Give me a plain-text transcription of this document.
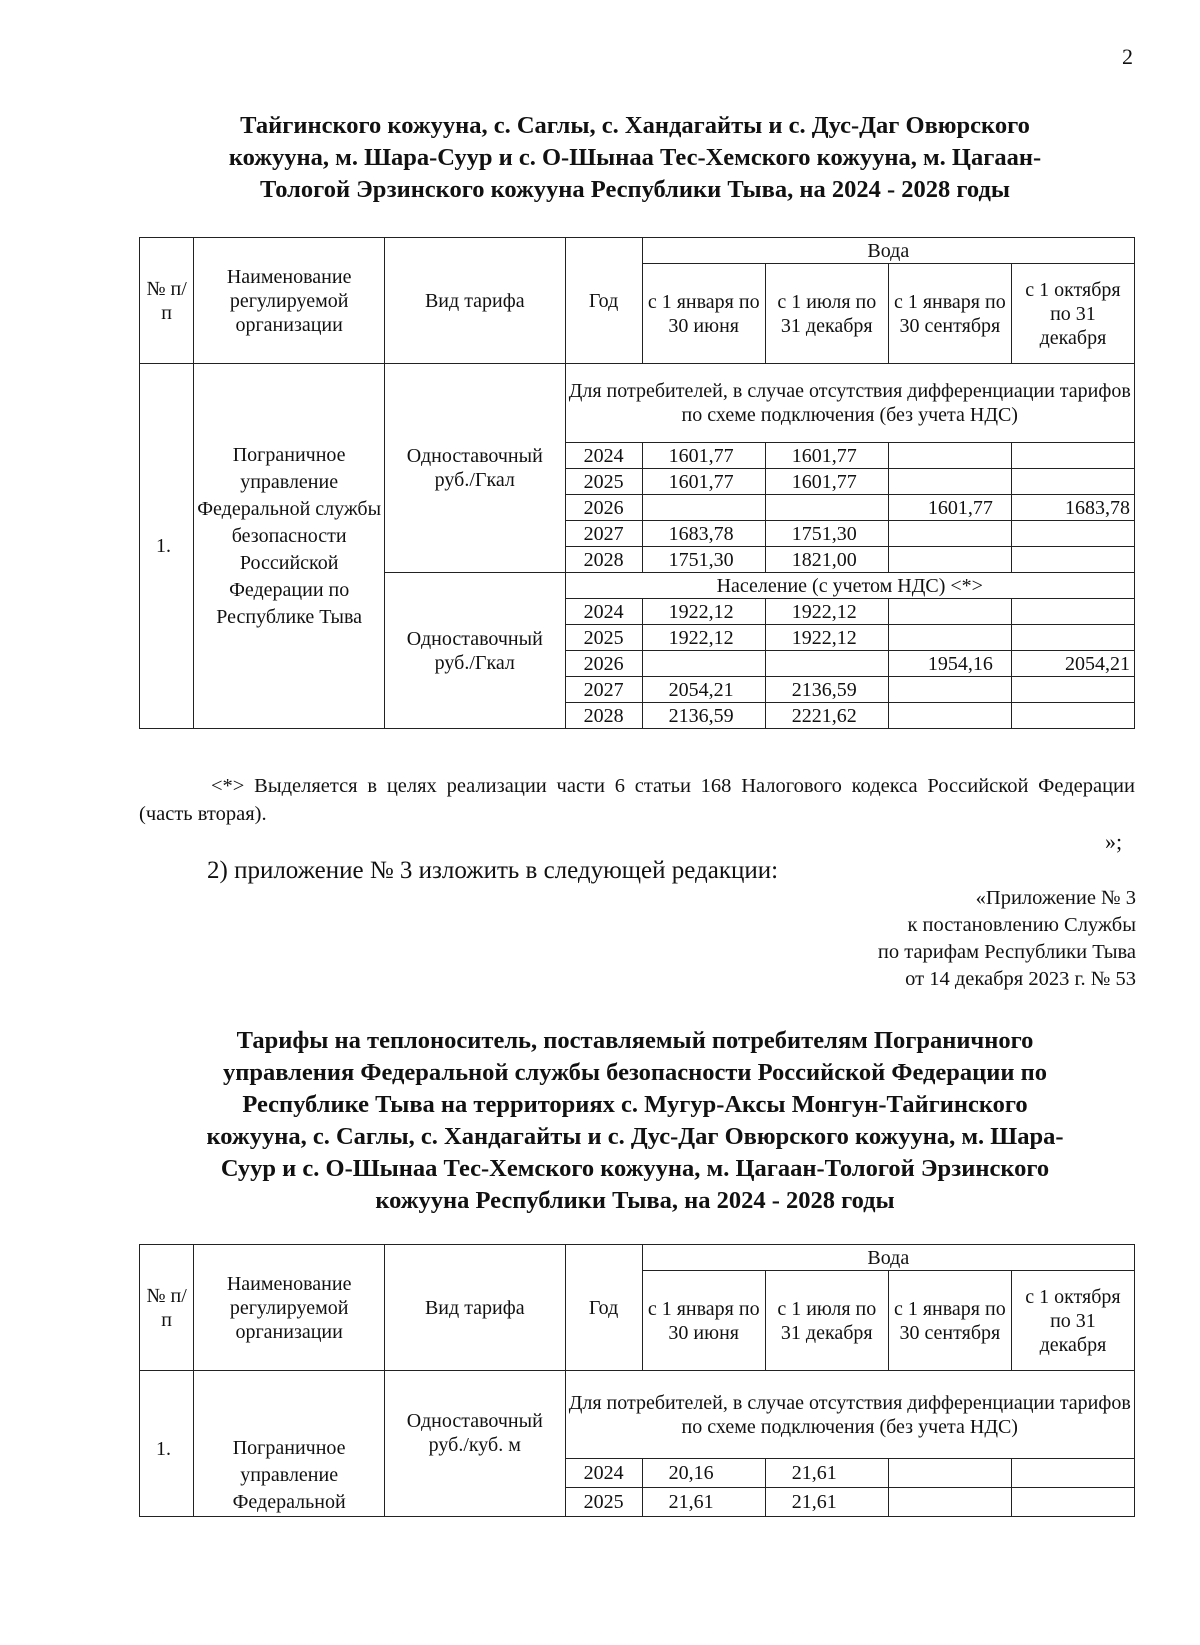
2
Тайгинского кожууна, с. Саглы, с. Хандагайты и с. Дус-Даг Овюрского
кожууна, м. Шара-Суур и с. О-Шынаа Тес-Хемского кожууна, м. Цагаан-
Тологой Эрзинского кожууна Республики Тыва, на 2024 - 2028 годы
№ п/п	Наименование регулируемой организации	Вид тарифа	Год	Вода			
				с 1 января по 30 июня	с 1 июля по 31 декабря	с 1 января по 30 сентября	с 1 октября по 31 декабря
1.	Пограничное управление Федеральной службы безопасности Российской Федерации по Республике Тыва	Одноставочный руб./Гкал	Для потребителей, в случае отсутствия дифференциации тарифов по схеме подключения (без учета НДС)				
			2024	1601,77	1601,77		
			2025	1601,77	1601,77		
			2026			1601,77	1683,78
			2027	1683,78	1751,30		
			2028	1751,30	1821,00		
		Одноставочный руб./Гкал	Население (с учетом НДС) <*>				
			2024	1922,12	1922,12		
			2025	1922,12	1922,12		
			2026			1954,16	2054,21
			2027	2054,21	2136,59		
			2028	2136,59	2221,62		
<*> Выделяется в целях реализации части 6 статьи 168 Налогового кодекса Российской Федерации (часть вторая).
»;
2) приложение № 3 изложить в следующей редакции:
«Приложение № 3
к постановлению Службы
по тарифам Республики Тыва
от 14 декабря 2023 г. № 53
Тарифы на теплоноситель, поставляемый потребителям Пограничного
управления Федеральной службы безопасности Российской Федерации по
Республике Тыва на территориях с. Мугур-Аксы Монгун-Тайгинского
кожууна, с. Саглы, с. Хандагайты и с. Дус-Даг Овюрского кожууна, м. Шара-
Суур и с. О-Шынаа Тес-Хемского кожууна, м. Цагаан-Тологой Эрзинского
кожууна Республики Тыва, на 2024 - 2028 годы
№ п/п	Наименование регулируемой организации	Вид тарифа	Год	Вода			
				с 1 января по 30 июня	с 1 июля по 31 декабря	с 1 января по 30 сентября	с 1 октября по 31 декабря
1.	Пограничное управление Федеральной	Одноставочный руб./куб. м	Для потребителей, в случае отсутствия дифференциации тарифов по схеме подключения (без учета НДС)				
			2024	20,16	21,61		
			2025	21,61	21,61		
